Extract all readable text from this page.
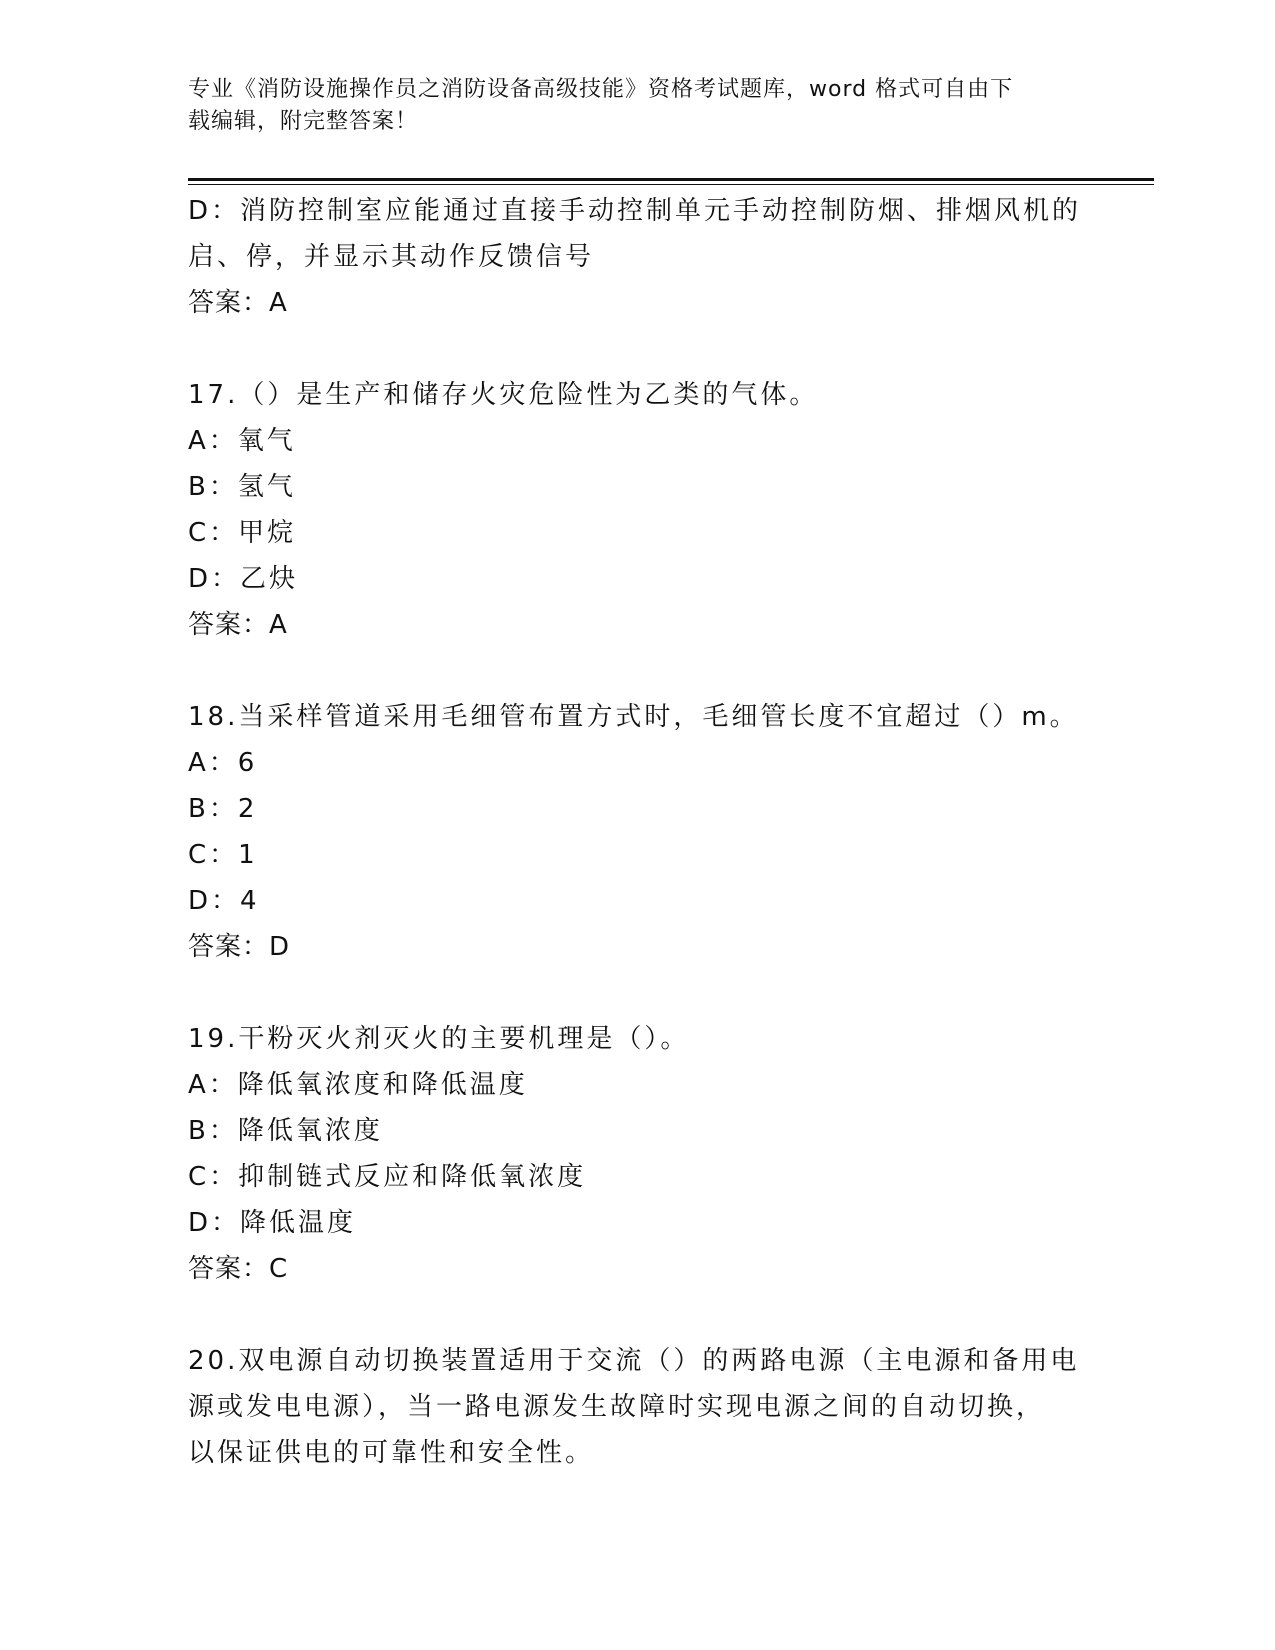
专业《消防设施操作员之消防设备高级技能》资格考试题库，word 格式可自由下
载编辑，附完整答案！

D：消防控制室应能通过直接手动控制单元手动控制防烟、排烟风机的

启、停，并显示其动作反馈信号

答案：A

17.（）是生产和储存火灾危险性为乙类的气体。

A：氧气

B：氢气

C：甲烷

D：乙炔

答案：A

18.当采样管道采用毛细管布置方式时，毛细管长度不宜超过（）m。

A：6

B：2

C：1

D：4

答案：D

19.干粉灭火剂灭火的主要机理是（）。

A：降低氧浓度和降低温度

B：降低氧浓度

C：抑制链式反应和降低氧浓度

D：降低温度

答案：C

20.双电源自动切换装置适用于交流（）的两路电源（主电源和备用电

源或发电电源），当一路电源发生故障时实现电源之间的自动切换，

以保证供电的可靠性和安全性。
